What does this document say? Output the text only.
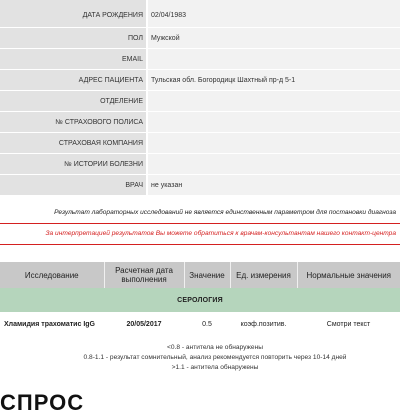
ДАТА РОЖДЕНИЯ	02/04/1983
ПОЛ	Мужской
EMAIL
АДРЕС ПАЦИЕНТА	Тульская обл. Богородицк Шахтный пр-д 5-1
ОТДЕЛЕНИЕ
№ СТРАХОВОГО ПОЛИСА
СТРАХОВАЯ КОМПАНИЯ
№ ИСТОРИИ БОЛЕЗНИ
ВРАЧ	не указан
Результат лабораторных исследований не является единственным параметром для постановки диагноза
За интерпретацией результатов Вы можете обратиться к врачам-консультантам нашего контакт-центра
Исследование	Расчетная дата выполнения	Значение	Ед. измерения	Нормальные значения
СЕРОЛОГИЯ				
Хламидия трахоматис IgG	20/05/2017	0.5	коэф.позитив.	Смотри текст
<0.8 - антитела не обнаружены
0.8-1.1 - результат сомнительный, анализ рекомендуется повторить через 10-14 дней
>1.1 - антитела обнаружены
СПРОС
